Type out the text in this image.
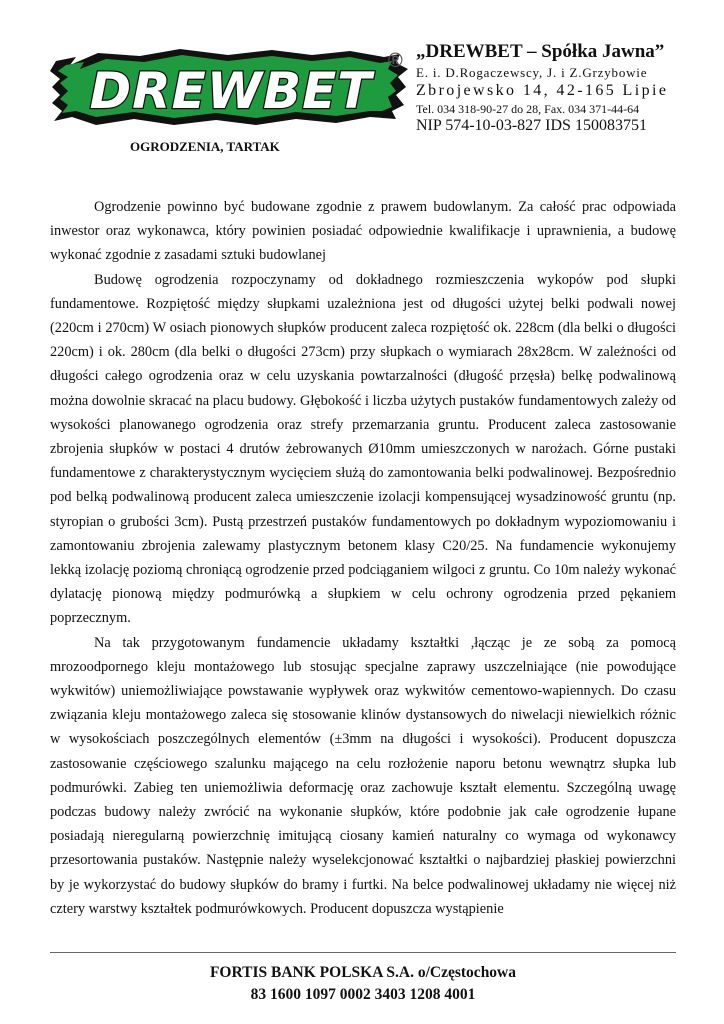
DREWBET
® „DREWBET – Spółka Jawna”
E. i. D.Rogaczewscy, J. i Z.Grzybowie
Zbrojewsko 14, 42-165 Lipie
Tel. 034 318-90-27 do 28, Fax. 034 371-44-64
NIP 574-10-03-827 IDS 150083751
OGRODZENIA, TARTAK

Ogrodzenie powinno być budowane zgodnie z prawem budowlanym. Za całość prac odpowiada inwestor oraz wykonawca, który powinien posiadać odpowiednie kwalifikacje i uprawnienia, a budowę wykonać zgodnie z zasadami sztuki budowlanej

Budowę ogrodzenia rozpoczynamy od dokładnego rozmieszczenia wykopów pod słupki fundamentowe. Rozpiętość między słupkami uzależniona jest od długości użytej belki podwali nowej (220cm i 270cm) W osiach pionowych słupków producent zaleca rozpiętość ok. 228cm (dla belki o długości 220cm) i ok. 280cm (dla belki o długości 273cm) przy słupkach o wymiarach 28x28cm. W zależności od długości całego ogrodzenia oraz w celu uzyskania powtarzalności (długość przęsła) belkę podwalinową można dowolnie skracać na placu budowy. Głębokość i liczba użytych pustaków fundamentowych zależy od wysokości planowanego ogrodzenia oraz strefy przemarzania gruntu. Producent zaleca zastosowanie zbrojenia słupków w postaci 4 drutów żebrowanych Ø10mm umieszczonych w narożach. Górne pustaki fundamentowe z charakterystycznym wycięciem służą do zamontowania belki podwalinowej. Bezpośrednio pod belką podwalinową producent zaleca umieszczenie izolacji kompensującej wysadzinowość gruntu (np. styropian o grubości 3cm). Pustą przestrzeń pustaków fundamentowych po dokładnym wypoziomowaniu i zamontowaniu zbrojenia zalewamy plastycznym betonem klasy C20/25. Na fundamencie wykonujemy lekką izolację poziomą chroniącą ogrodzenie przed podciąganiem wilgoci z gruntu. Co 10m należy wykonać dylatację pionową między podmurówką a słupkiem w celu ochrony ogrodzenia przed pękaniem poprzecznym.

Na tak przygotowanym fundamencie układamy kształtki ,łącząc je ze sobą za pomocą mrozoodpornego kleju montażowego lub stosując specjalne zaprawy uszczelniające (nie powodujące wykwitów) uniemożliwiające powstawanie wypływek oraz wykwitów cementowo-wapiennych. Do czasu związania kleju montażowego zaleca się stosowanie klinów dystansowych do niwelacji niewielkich różnic w wysokościach poszczególnych elementów (±3mm na długości i wysokości). Producent dopuszcza zastosowanie częściowego szalunku mającego na celu rozłożenie naporu betonu wewnątrz słupka lub podmurówki. Zabieg ten uniemożliwia deformację oraz zachowuje kształt elementu. Szczególną uwagę podczas budowy należy zwrócić na wykonanie słupków, które podobnie jak całe ogrodzenie łupane posiadają nieregularną powierzchnię imitującą ciosany kamień naturalny co wymaga od wykonawcy przesortowania pustaków. Następnie należy wyselekcjonować kształtki o najbardziej płaskiej powierzchni by je wykorzystać do budowy słupków do bramy i furtki. Na belce podwalinowej układamy nie więcej niż cztery warstwy kształtek podmurówkowych. Producent dopuszcza wystąpienie

FORTIS BANK POLSKA S.A. o/Częstochowa
83 1600 1097 0002 3403 1208 4001
